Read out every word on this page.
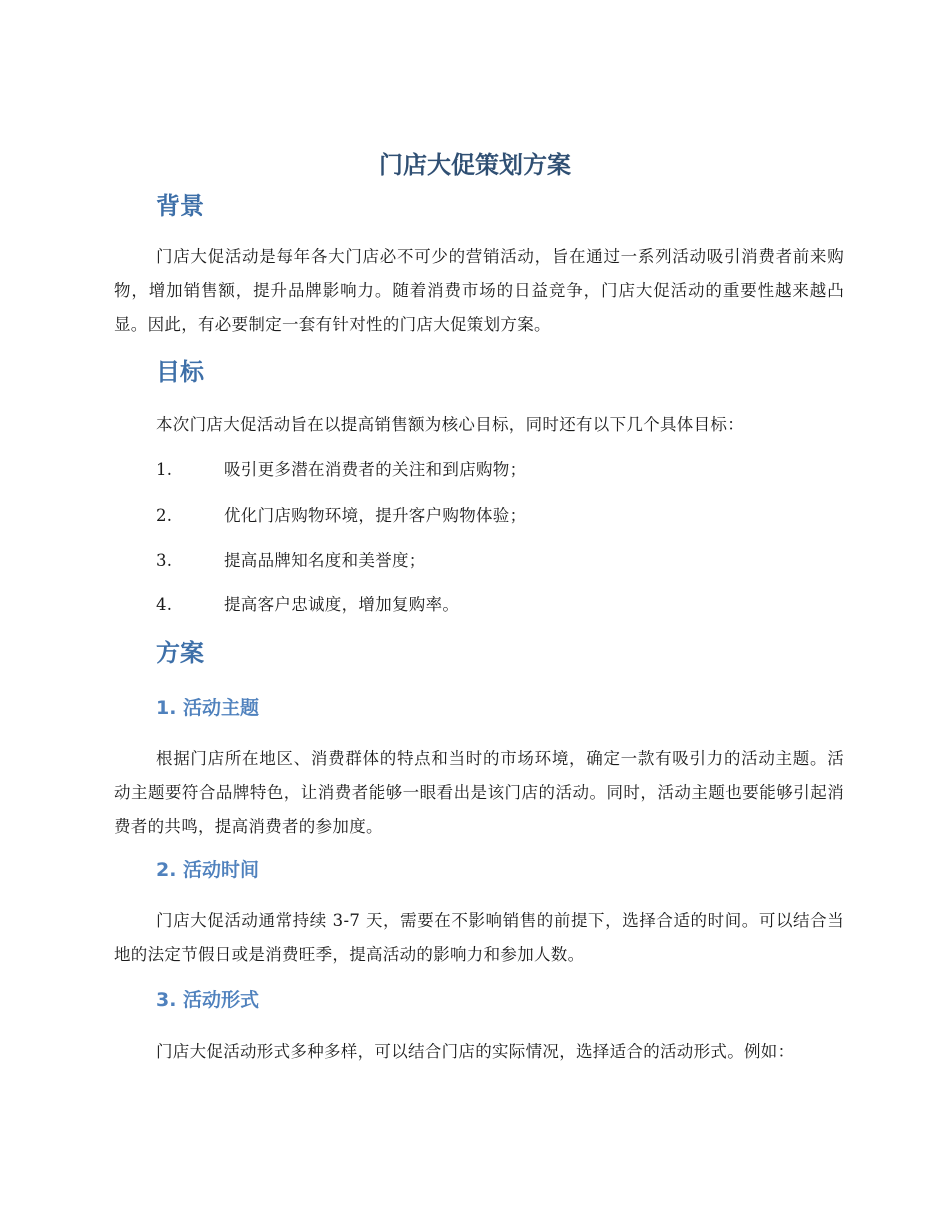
门店大促策划方案
背景
门店大促活动是每年各大门店必不可少的营销活动，旨在通过一系列活动吸引消费者前来购物，增加销售额，提升品牌影响力。随着消费市场的日益竞争，门店大促活动的重要性越来越凸显。因此，有必要制定一套有针对性的门店大促策划方案。
目标
本次门店大促活动旨在以提高销售额为核心目标，同时还有以下几个具体目标：
1.	吸引更多潜在消费者的关注和到店购物；
2.	优化门店购物环境，提升客户购物体验；
3.	提高品牌知名度和美誉度；
4.	提高客户忠诚度，增加复购率。
方案
1. 活动主题
根据门店所在地区、消费群体的特点和当时的市场环境，确定一款有吸引力的活动主题。活动主题要符合品牌特色，让消费者能够一眼看出是该门店的活动。同时，活动主题也要能够引起消费者的共鸣，提高消费者的参加度。
2. 活动时间
门店大促活动通常持续 3-7 天，需要在不影响销售的前提下，选择合适的时间。可以结合当地的法定节假日或是消费旺季，提高活动的影响力和参加人数。
3. 活动形式
门店大促活动形式多种多样，可以结合门店的实际情况，选择适合的活动形式。例如：
